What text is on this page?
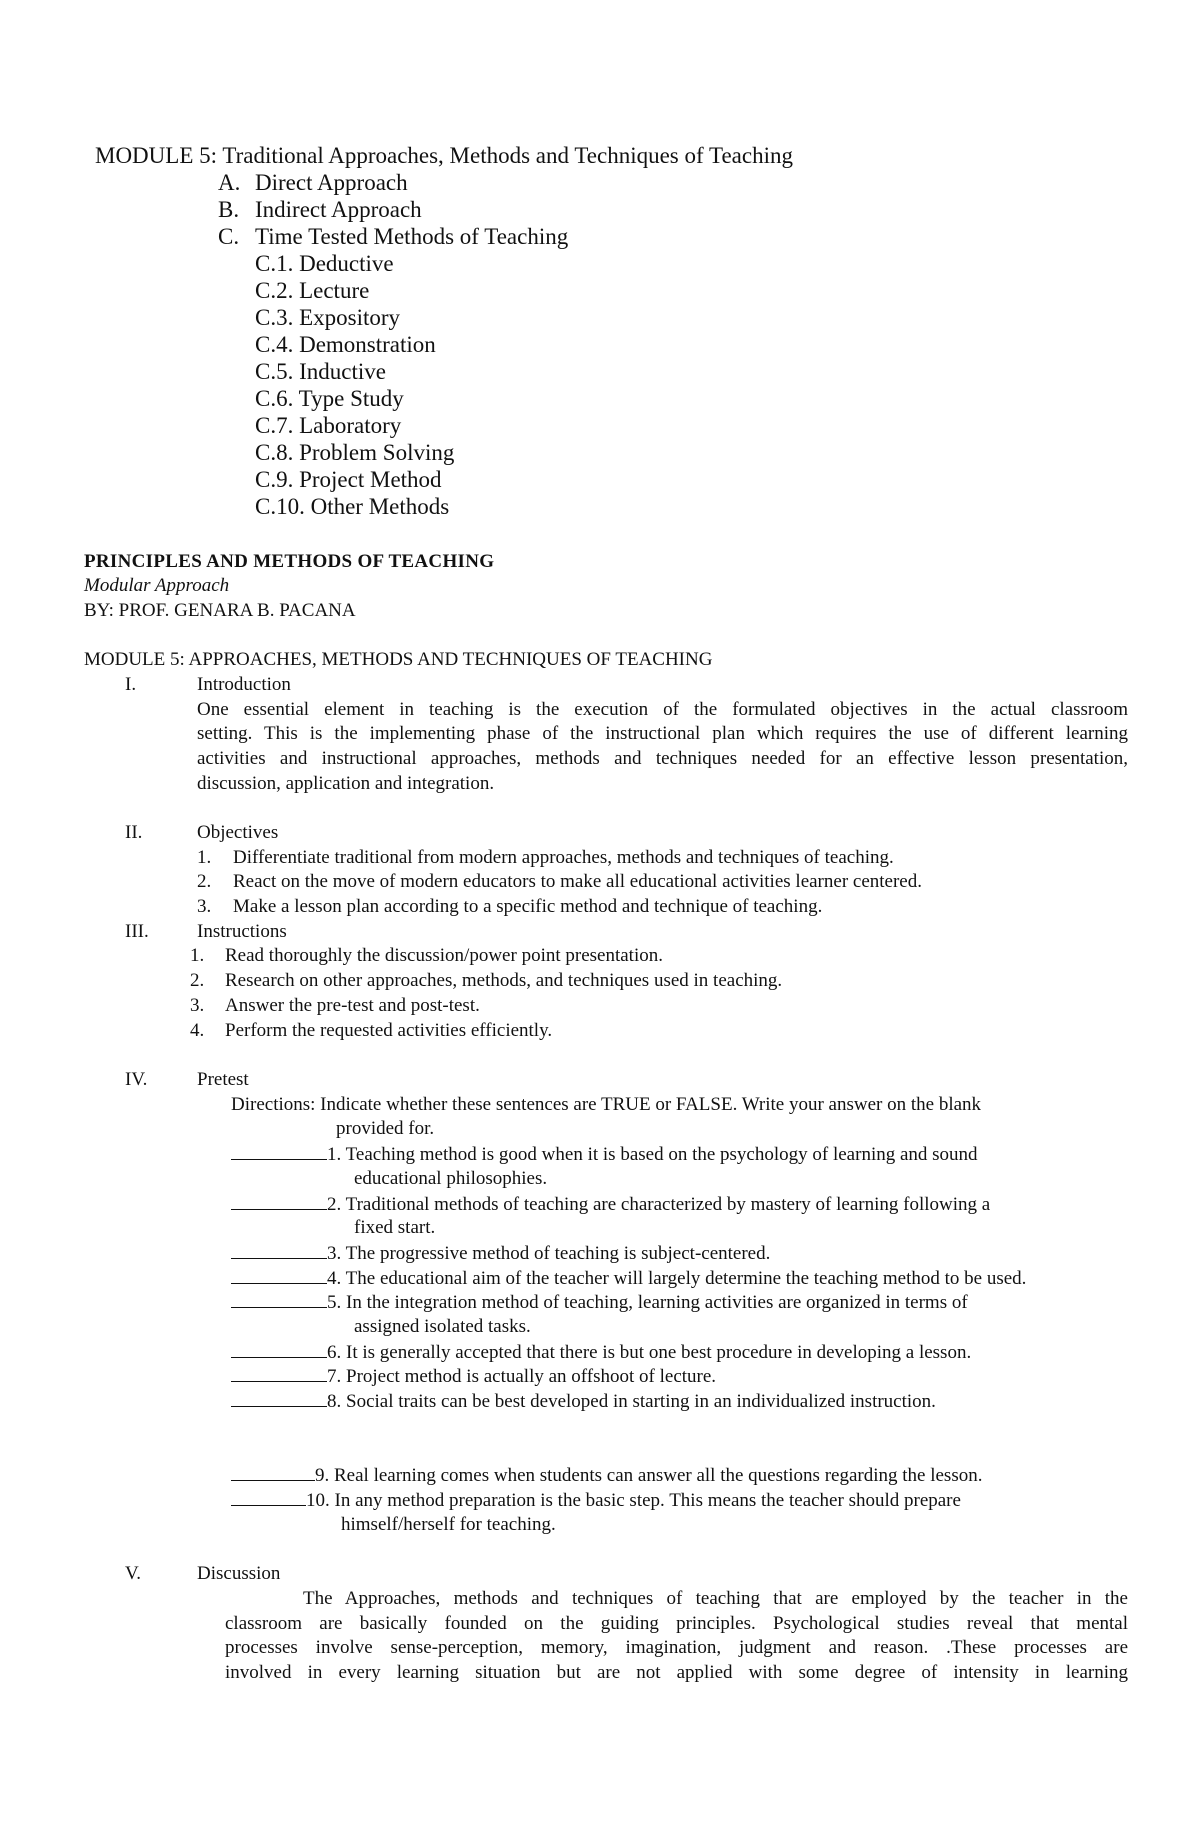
MODULE 5: Traditional Approaches, Methods and Techniques of Teaching
A. Direct Approach
B. Indirect Approach
C. Time Tested Methods of Teaching
C.1. Deductive
C.2. Lecture
C.3. Expository
C.4. Demonstration
C.5. Inductive
C.6. Type Study
C.7. Laboratory
C.8. Problem Solving
C.9. Project Method
C.10. Other Methods
PRINCIPLES AND METHODS OF TEACHING
Modular Approach
BY: PROF. GENARA B. PACANA
MODULE 5: APPROACHES, METHODS AND TECHNIQUES OF TEACHING
I.	Introduction
One essential element in teaching is the execution of the formulated objectives in the actual classroom
setting. This is the implementing phase of the instructional plan which requires the use of different learning
activities and instructional approaches, methods and techniques needed for an effective lesson presentation,
discussion, application and integration.
II.	Objectives
1. Differentiate traditional from modern approaches, methods and techniques of teaching.
2. React on the move of modern educators to make all educational activities learner centered.
3. Make a lesson plan according to a specific method and technique of teaching.
III.	Instructions
1. Read thoroughly the discussion/power point presentation.
2. Research on other approaches, methods, and techniques used in teaching.
3. Answer the pre-test and post-test.
4. Perform the requested activities efficiently.
IV.	Pretest
Directions: Indicate whether these sentences are TRUE or FALSE. Write your answer on the blank
provided for.
1. Teaching method is good when it is based on the psychology of learning and sound
educational philosophies.
2. Traditional methods of teaching are characterized by mastery of learning following a
fixed start.
3. The progressive method of teaching is subject-centered.
4. The educational aim of the teacher will largely determine the teaching method to be used.
5. In the integration method of teaching, learning activities are organized in terms of
assigned isolated tasks.
6. It is generally accepted that there is but one best procedure in developing a lesson.
7. Project method is actually an offshoot of lecture.
8. Social traits can be best developed in starting in an individualized instruction.
9. Real learning comes when students can answer all the questions regarding the lesson.
10. In any method preparation is the basic step. This means the teacher should prepare
himself/herself for teaching.
V.	Discussion
The Approaches, methods and techniques of teaching that are employed by the teacher in the
classroom are basically founded on the guiding principles. Psychological studies reveal that mental
processes involve sense-perception, memory, imagination, judgment and reason. .These processes are
involved in every learning situation but are not applied with some degree of intensity in learning
